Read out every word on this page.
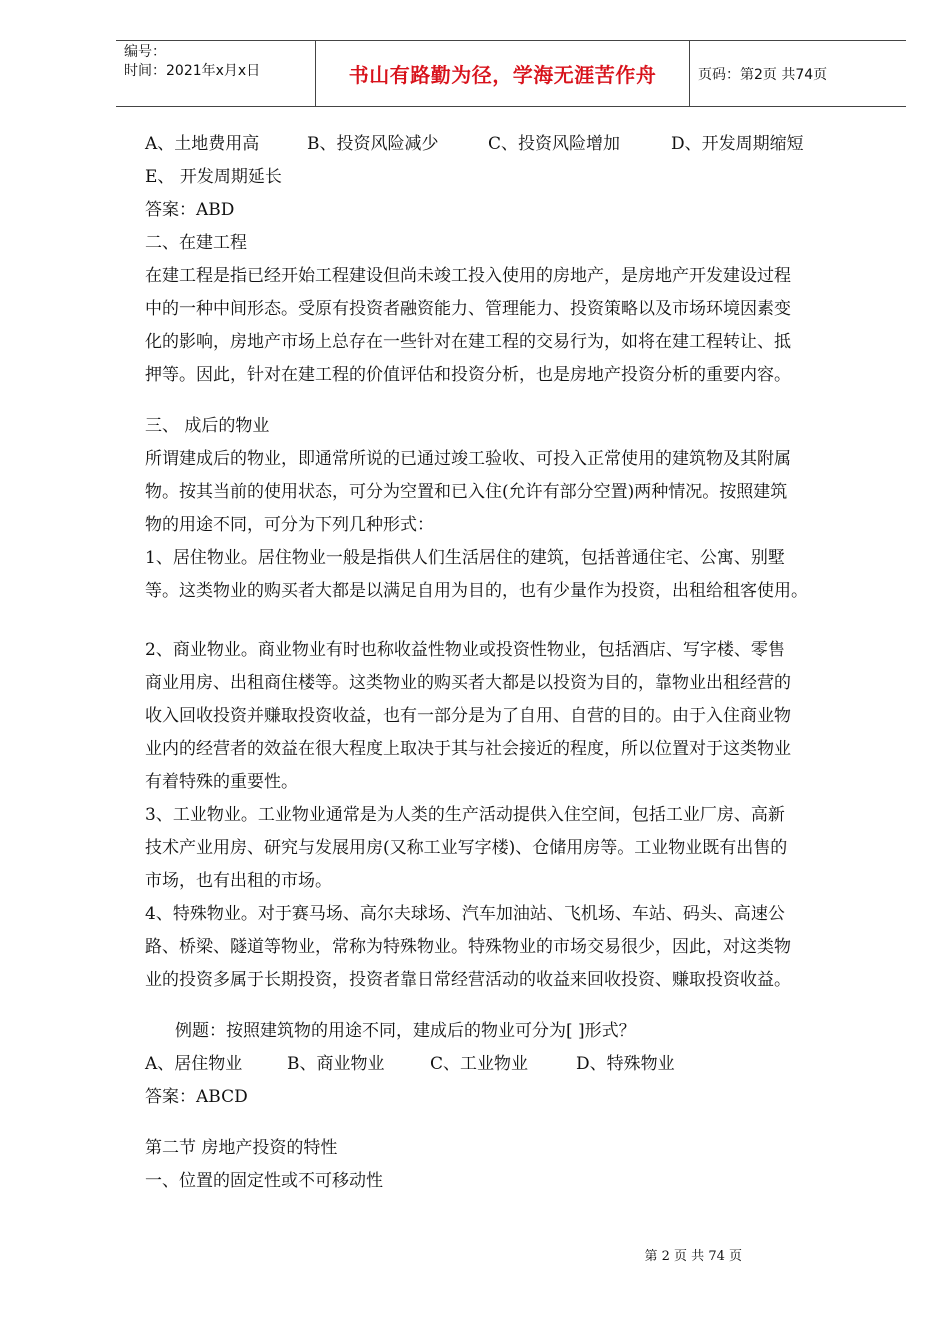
编号：
时间：2021年x月x日	书山有路勤为径，学海无涯苦作舟	页码：第2页 共74页

A、土地费用高	B、投资风险减少	C、投资风险增加	D、开发周期缩短

E、 开发周期延长

答案：ABD

二、在建工程

在建工程是指已经开始工程建设但尚未竣工投入使用的房地产，是房地产开发建设过程

中的一种中间形态。受原有投资者融资能力、管理能力、投资策略以及市场环境因素变

化的影响，房地产市场上总存在一些针对在建工程的交易行为，如将在建工程转让、抵

押等。因此，针对在建工程的价值评估和投资分析，也是房地产投资分析的重要内容。

三、 成后的物业

所谓建成后的物业，即通常所说的已通过竣工验收、可投入正常使用的建筑物及其附属

物。按其当前的使用状态，可分为空置和已入住(允许有部分空置)两种情况。按照建筑

物的用途不同，可分为下列几种形式：

1、居住物业。居住物业一般是指供人们生活居住的建筑，包括普通住宅、公寓、别墅

等。这类物业的购买者大都是以满足自用为目的，也有少量作为投资，出租给租客使用。

2、商业物业。商业物业有时也称收益性物业或投资性物业，包括酒店、写字楼、零售

商业用房、出租商住楼等。这类物业的购买者大都是以投资为目的，靠物业出租经营的

收入回收投资并赚取投资收益，也有一部分是为了自用、自营的目的。由于入住商业物

业内的经营者的效益在很大程度上取决于其与社会接近的程度，所以位置对于这类物业

有着特殊的重要性。

3、工业物业。工业物业通常是为人类的生产活动提供入住空间，包括工业厂房、高新

技术产业用房、研究与发展用房(又称工业写字楼)、仓储用房等。工业物业既有出售的

市场，也有出租的市场。

4、特殊物业。对于赛马场、高尔夫球场、汽车加油站、飞机场、车站、码头、高速公

路、桥梁、隧道等物业，常称为特殊物业。特殊物业的市场交易很少，因此，对这类物

业的投资多属于长期投资，投资者靠日常经营活动的收益来回收投资、赚取投资收益。

例题：按照建筑物的用途不同，建成后的物业可分为[ ]形式？

A、居住物业	B、商业物业	C、工业物业	D、特殊物业

答案：ABCD

第二节 房地产投资的特性

一、位置的固定性或不可移动性

第 2 页 共 74 页
